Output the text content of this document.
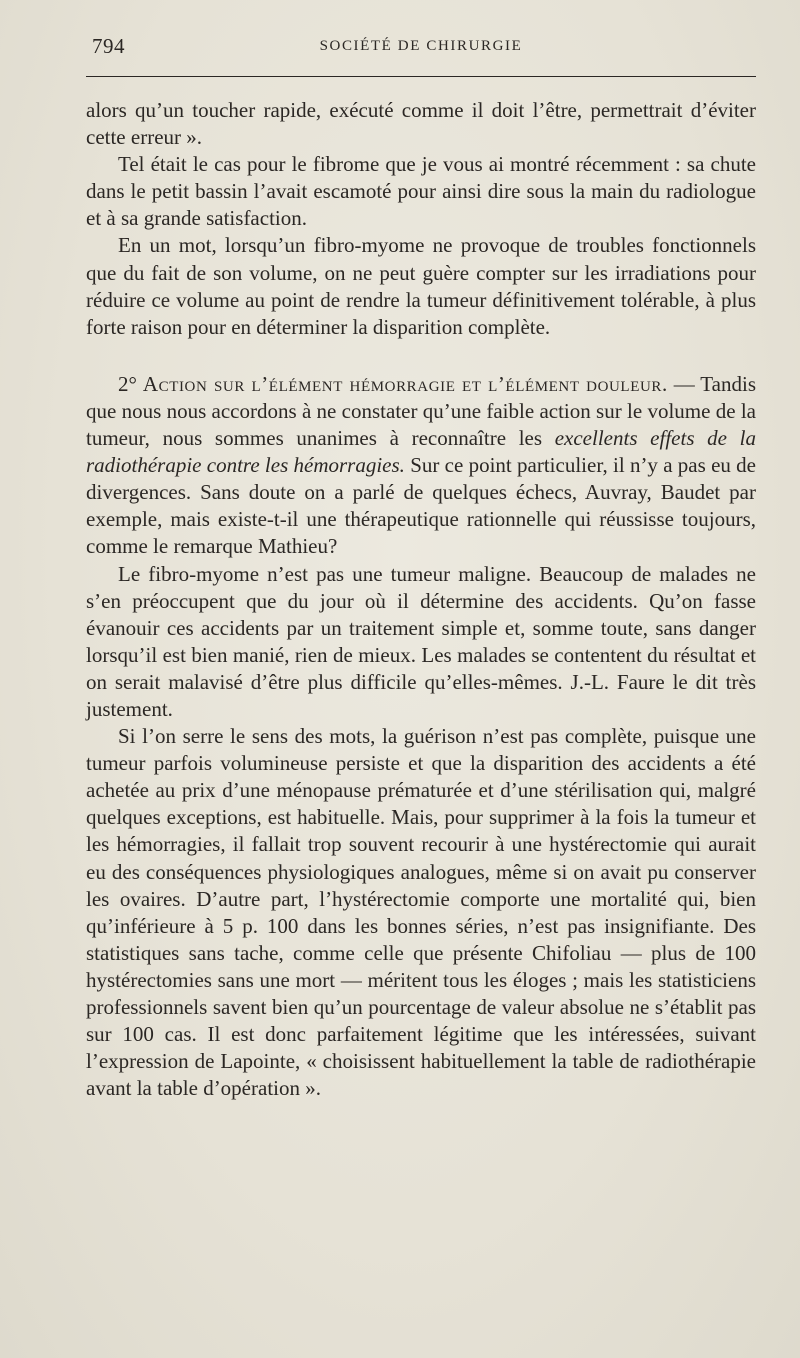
794	SOCIÉTÉ DE CHIRURGIE

alors qu’un toucher rapide, exécuté comme il doit l’être, permettrait d’éviter cette erreur ».

Tel était le cas pour le fibrome que je vous ai montré récemment : sa chute dans le petit bassin l’avait escamoté pour ainsi dire sous la main du radiologue et à sa grande satisfaction.

En un mot, lorsqu’un fibro-myome ne provoque de troubles fonctionnels que du fait de son volume, on ne peut guère compter sur les irradiations pour réduire ce volume au point de rendre la tumeur définitivement tolérable, à plus forte raison pour en déterminer la disparition complète.

2° Action sur l’élément hémorragie et l’élément douleur. — Tandis que nous nous accordons à ne constater qu’une faible action sur le volume de la tumeur, nous sommes unanimes à reconnaître les excellents effets de la radiothérapie contre les hémorragies. Sur ce point particulier, il n’y a pas eu de divergences. Sans doute on a parlé de quelques échecs, Auvray, Baudet par exemple, mais existe-t-il une thérapeutique rationnelle qui réussisse toujours, comme le remarque Mathieu?

Le fibro-myome n’est pas une tumeur maligne. Beaucoup de malades ne s’en préoccupent que du jour où il détermine des accidents. Qu’on fasse évanouir ces accidents par un traitement simple et, somme toute, sans danger lorsqu’il est bien manié, rien de mieux. Les malades se contentent du résultat et on serait malavisé d’être plus difficile qu’elles-mêmes. J.-L. Faure le dit très justement.

Si l’on serre le sens des mots, la guérison n’est pas complète, puisque une tumeur parfois volumineuse persiste et que la disparition des accidents a été achetée au prix d’une ménopause prématurée et d’une stérilisation qui, malgré quelques exceptions, est habituelle. Mais, pour supprimer à la fois la tumeur et les hémorragies, il fallait trop souvent recourir à une hystérectomie qui aurait eu des conséquences physiologiques analogues, même si on avait pu conserver les ovaires. D’autre part, l’hystérectomie comporte une mortalité qui, bien qu’inférieure à 5 p. 100 dans les bonnes séries, n’est pas insignifiante. Des statistiques sans tache, comme celle que présente Chifoliau — plus de 100 hystérectomies sans une mort — méritent tous les éloges ; mais les statisticiens professionnels savent bien qu’un pourcentage de valeur absolue ne s’établit pas sur 100 cas. Il est donc parfaitement légitime que les intéressées, suivant l’expression de Lapointe, « choisissent habituellement la table de radiothérapie avant la table d’opération ».
